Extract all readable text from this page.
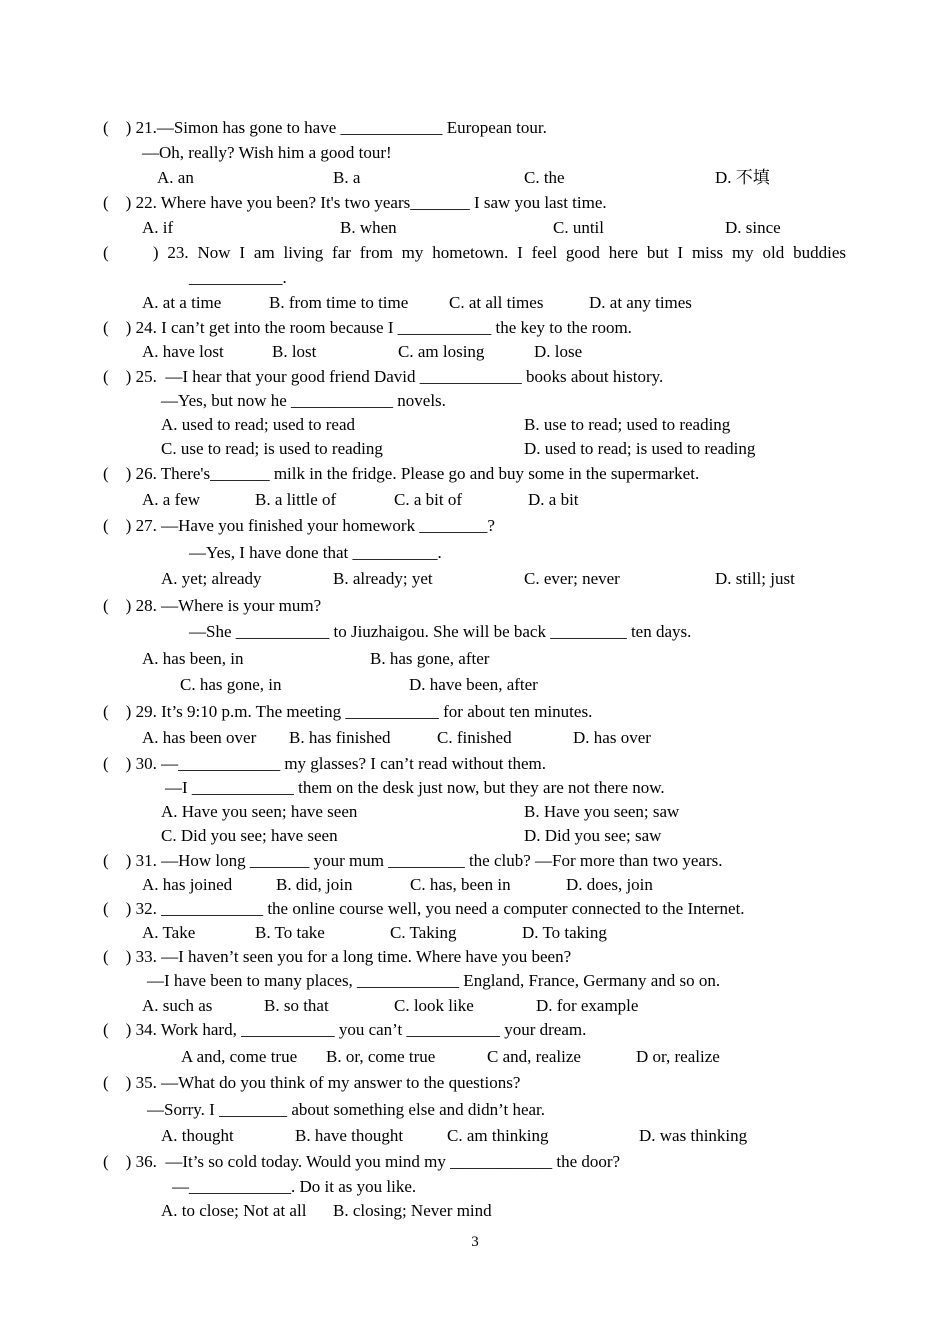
(    ) 21.—Simon has gone to have ____________ European tour.
—Oh, really? Wish him a good tour!
A. an	B. a	C. the	D. 不填
(    ) 22. Where have you been? It's two years_______ I saw you last time.
A. if	B. when	C. until	D. since
(     ) 23. Now I am living far from my hometown. I feel good here but I miss my old buddies
___________.
A. at a time	B. from time to time C. at all times	D. at any times
(    ) 24. I can’t get into the room because I ___________ the key to the room.
A. have lost	B. lost	C. am losing	D. lose
(    ) 25.  —I hear that your good friend David ____________ books about history.
—Yes, but now he ____________ novels.
A. used to read; used to read	B. use to read; used to reading
C. use to read; is used to reading	D. used to read; is used to reading
(    ) 26. There's_______ milk in the fridge. Please go and buy some in the supermarket.
A. a few	B. a little of	C. a bit of	D. a bit
(    ) 27. —Have you finished your homework ________?
—Yes, I have done that __________.
A. yet; already	B. already; yet	C. ever; never	D. still; just
(    ) 28. —Where is your mum?
—She ___________ to Jiuzhaigou. She will be back _________ ten days.
A. has been, in	B. has gone, after
C. has gone, in	D. have been, after
(    ) 29. It’s 9:10 p.m. The meeting ___________ for about ten minutes.
A. has been over B. has finished	C. finished	D. has over
(    ) 30. —____________ my glasses? I can’t read without them.
—I ____________ them on the desk just now, but they are not there now.
A. Have you seen; have seen	B. Have you seen; saw
C. Did you see; have seen	D. Did you see; saw
(    ) 31. —How long _______ your mum _________ the club? —For more than two years.
A. has joined	B. did, join	C. has, been in	D. does, join
(    ) 32. ____________ the online course well, you need a computer connected to the Internet.
A. Take	B. To take	C. Taking	D. To taking
(    ) 33. —I haven’t seen you for a long time. Where have you been?
—I have been to many places, ____________ England, France, Germany and so on.
A. such as	B. so that	C. look like	D. for example
(    ) 34. Work hard, ___________ you can’t ___________ your dream.
A and, come true B. or, come true	C and, realize	D or, realize
(    ) 35. —What do you think of my answer to the questions?
—Sorry. I ________ about something else and didn’t hear.
A. thought	B. have thought	C. am thinking	D. was thinking
(    ) 36.  —It’s so cold today. Would you mind my ____________ the door?
—____________. Do it as you like.
A. to close; Not at all B. closing; Never mind
3
